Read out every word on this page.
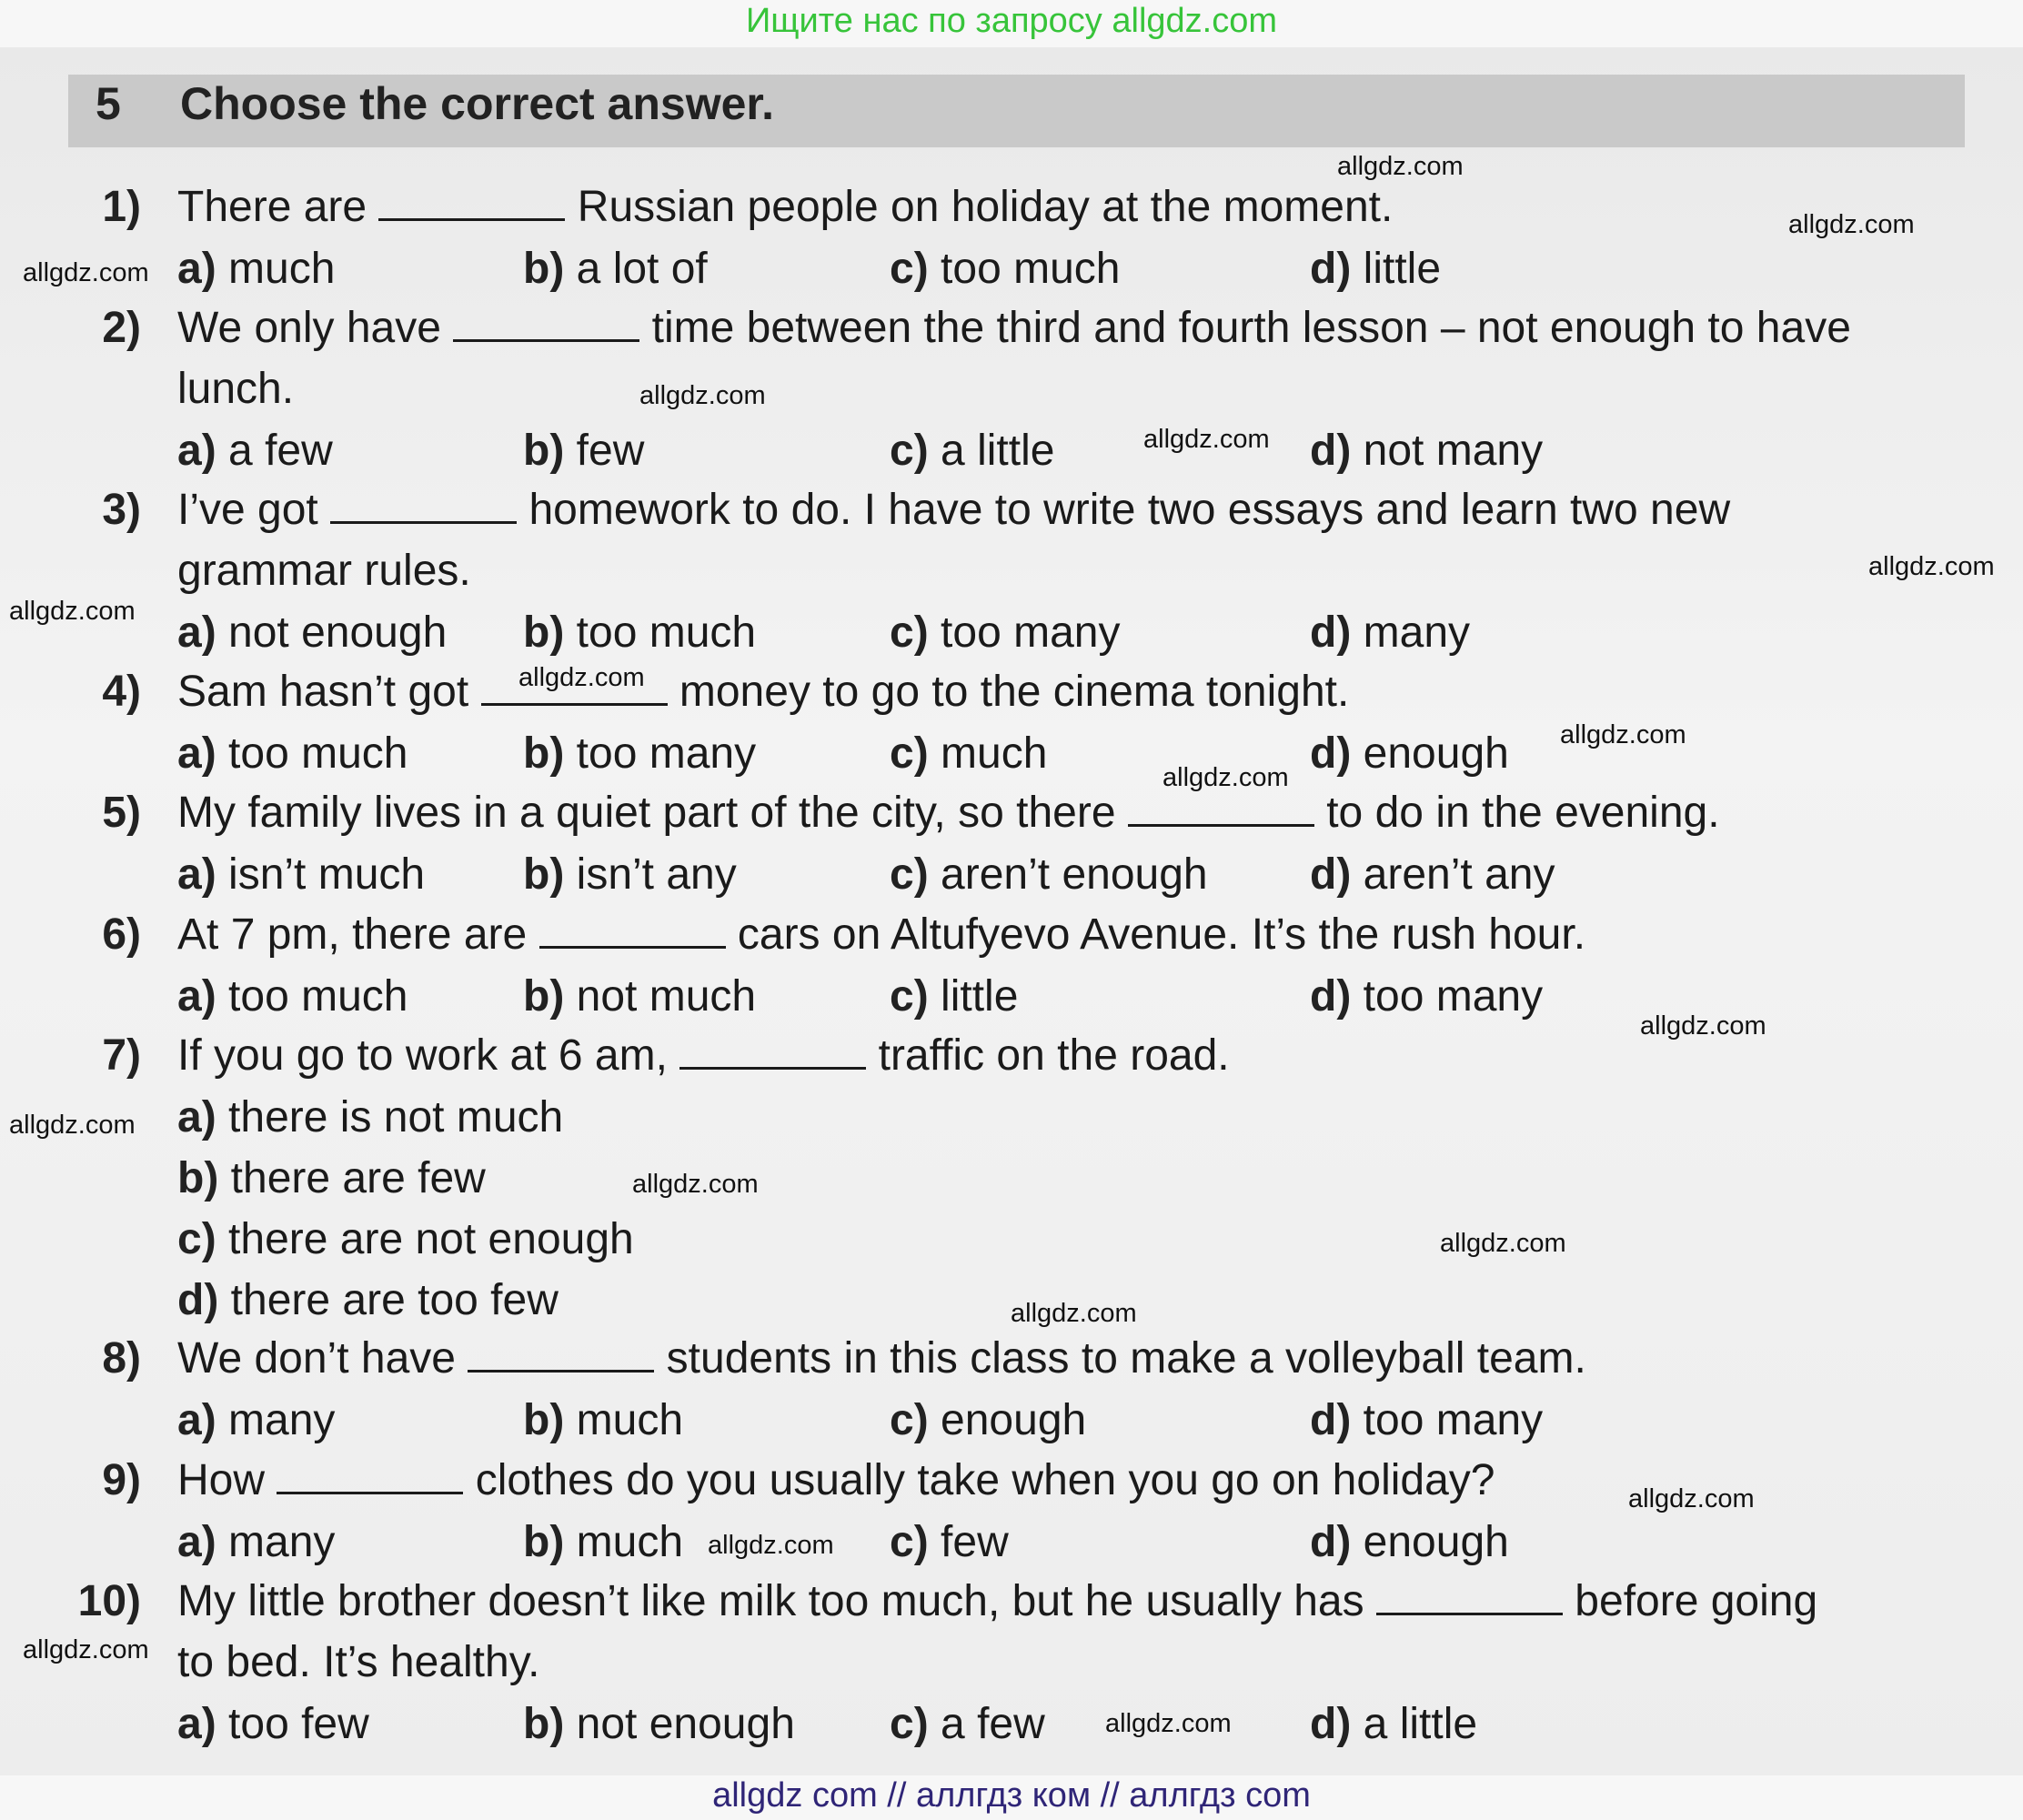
Ищите нас по запросу allgdz.com
5 Choose the correct answer.
1) There are	Russian people on holiday at the moment.
a) much	b) a lot of	c) too much	d) little
2) We only have	time between the third and fourth lesson – not enough to have
lunch.
a) a few	b) few	c) a little	d) not many
3) I’ve got	homework to do. I have to write two essays and learn two new
grammar rules.
a) not enough b) too much	c) too many	d) many
4) Sam hasn’t got	money to go to the cinema tonight.
a) too much	b) too many	c) much	d) enough
5) My family lives in a quiet part of the city, so there	to do in the evening.
a) isn’t much b) isn’t any	c) aren’t enough d) aren’t any
6) At 7 pm, there are	cars on Altufyevo Avenue. It’s the rush hour.
a) too much	b) not much	c) little	d) too many
7) If you go to work at 6 am,	traffic on the road.
a) there is not much
b) there are few
c) there are not enough
d) there are too few
8) We don’t have	students in this class to make a volleyball team.
a) many	b) much	c) enough	d) too many
9) How	clothes do you usually take when you go on holiday?
a) many	b) much	c) few	d) enough
10) My little brother doesn’t like milk too much, but he usually has	before going
to bed. It’s healthy.
a) too few	b) not enough c) a few	d) a little
allgdz.com
allgdz.com
allgdz.com
allgdz.com
allgdz.com
allgdz.com
allgdz.com
allgdz.com
allgdz.com
allgdz.com
allgdz.com
allgdz.com
allgdz.com
allgdz.com
allgdz.com
allgdz.com
allgdz.com
allgdz.com
allgdz.com
allgdz com // аллгдз ком // аллгдз com
